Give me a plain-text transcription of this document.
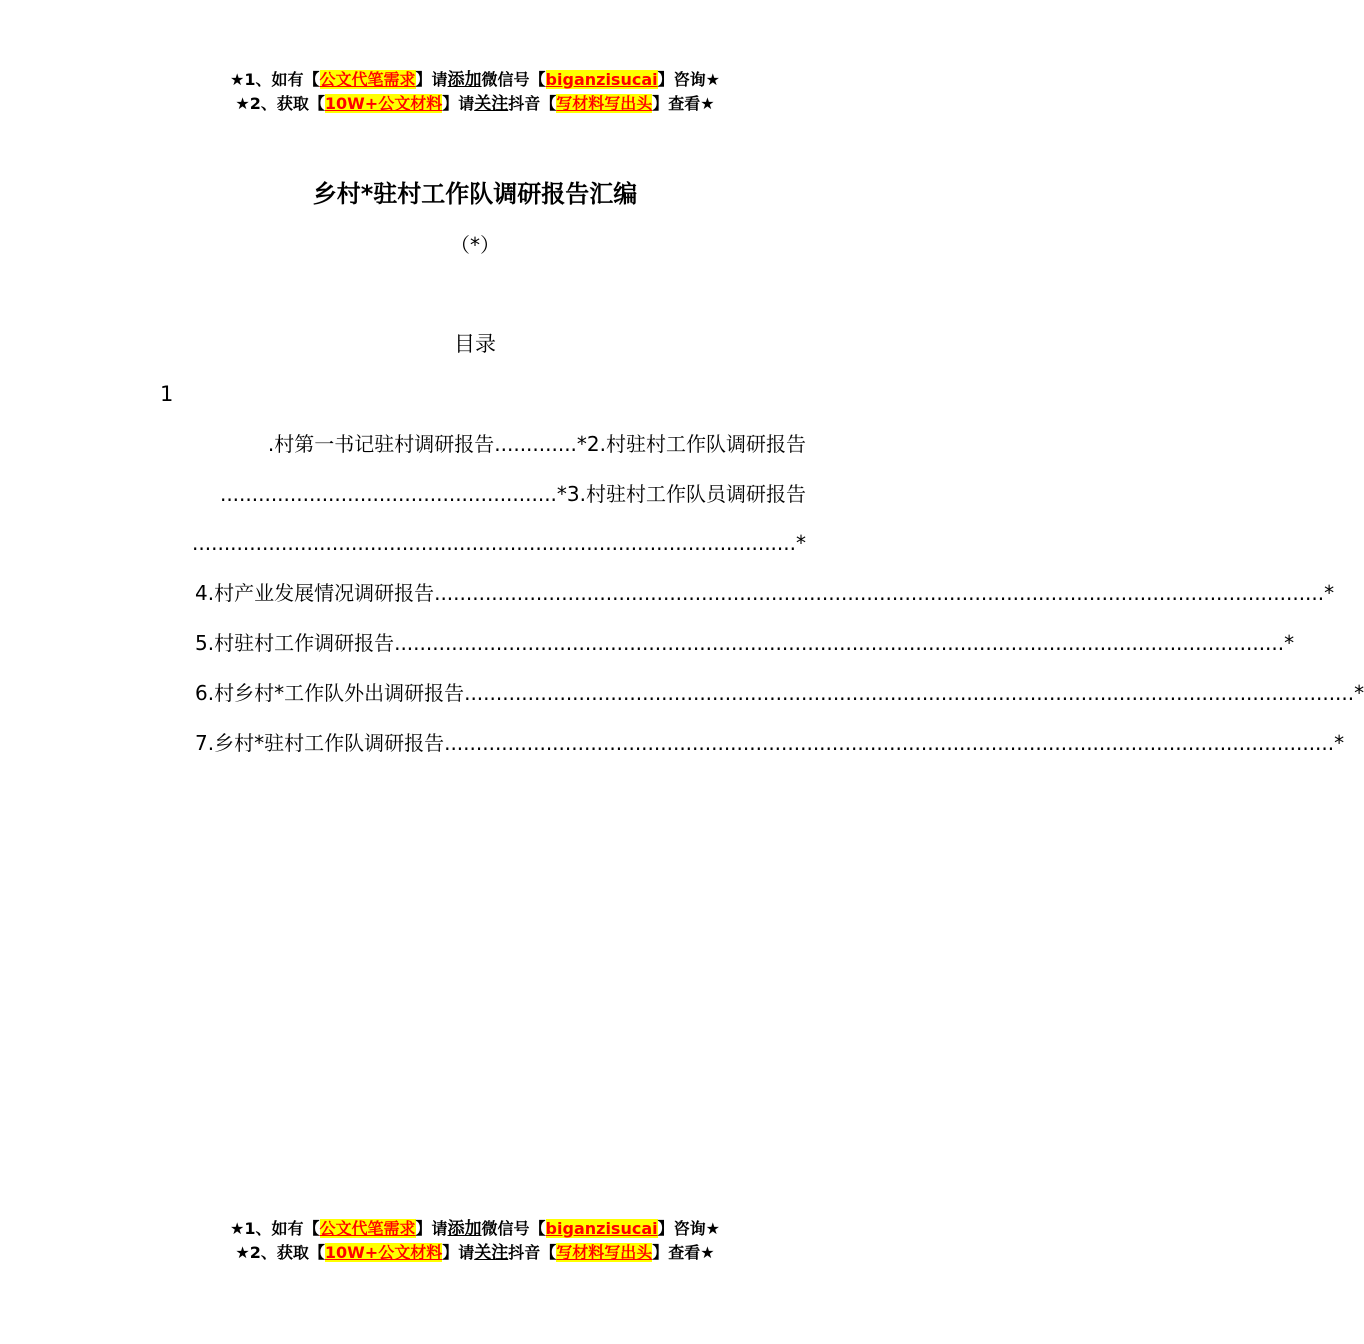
★1、如有【公文代笔需求】请添加微信号【biganzisucai】咨询★
★2、获取【10W+公文材料】请关注抖音【写材料写出头】查看★
乡村*驻村工作队调研报告汇编
（*）
目录
1
.村第一书记驻村调研报告.............*2.村驻村工作队调研报告
.....................................................*3.村驻村工作队员调研报告
...............................................................................................*
4.村产业发展情况调研报告 ............................................................................................................................................ *
5.村驻村工作调研报告 ............................................................................................................................................ *
6.村乡村*工作队外出调研报告 ............................................................................................................................................ *
7.乡村*驻村工作队调研报告 ............................................................................................................................................ *
★1、如有【公文代笔需求】请添加微信号【biganzisucai】咨询★
★2、获取【10W+公文材料】请关注抖音【写材料写出头】查看★
